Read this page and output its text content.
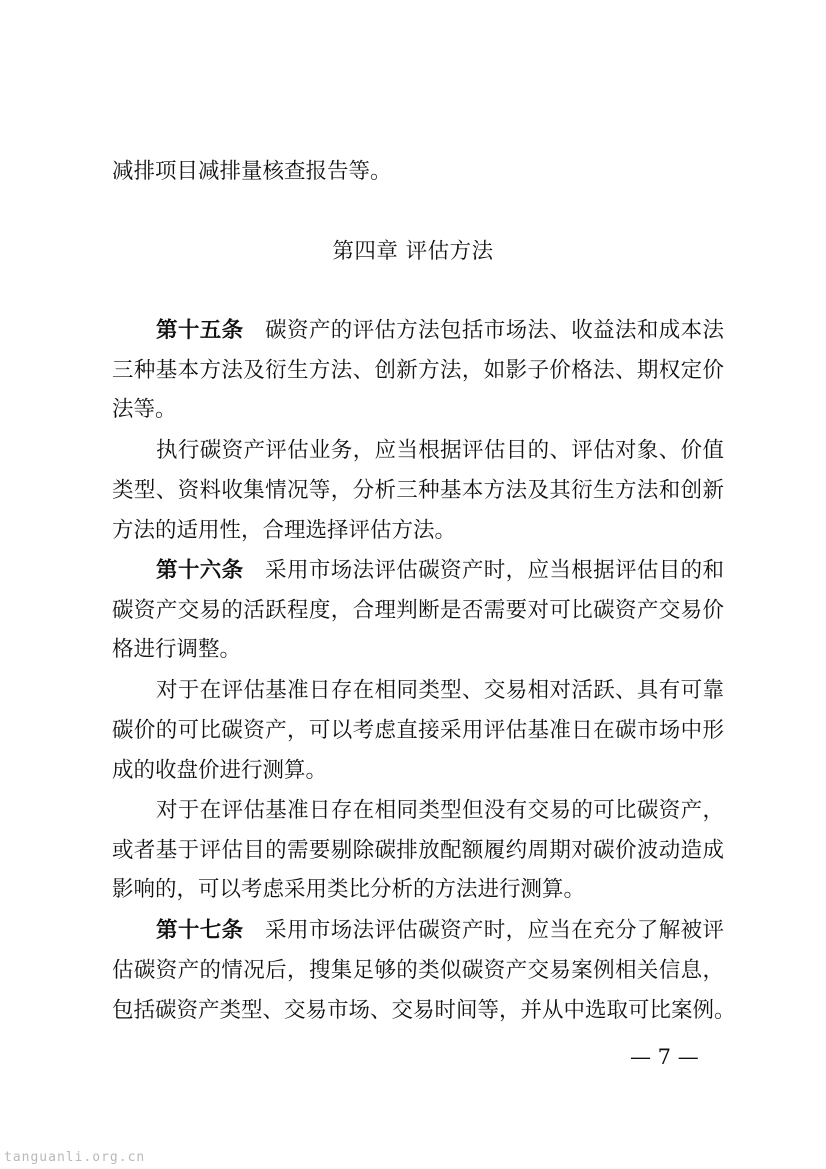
减排项目减排量核查报告等。
第四章 评估方法
第十五条 碳资产的评估方法包括市场法、收益法和成本法
三种基本方法及衍生方法、创新方法，如影子价格法、期权定价
法等。
执行碳资产评估业务，应当根据评估目的、评估对象、价值
类型、资料收集情况等，分析三种基本方法及其衍生方法和创新
方法的适用性，合理选择评估方法。
第十六条 采用市场法评估碳资产时，应当根据评估目的和
碳资产交易的活跃程度，合理判断是否需要对可比碳资产交易价
格进行调整。
对于在评估基准日存在相同类型、交易相对活跃、具有可靠
碳价的可比碳资产，可以考虑直接采用评估基准日在碳市场中形
成的收盘价进行测算。
对于在评估基准日存在相同类型但没有交易的可比碳资产，
或者基于评估目的需要剔除碳排放配额履约周期对碳价波动造成
影响的，可以考虑采用类比分析的方法进行测算。
第十七条 采用市场法评估碳资产时，应当在充分了解被评
估碳资产的情况后，搜集足够的类似碳资产交易案例相关信息，
包括碳资产类型、交易市场、交易时间等，并从中选取可比案例。
— 7 —
tanguanli.org.cn
